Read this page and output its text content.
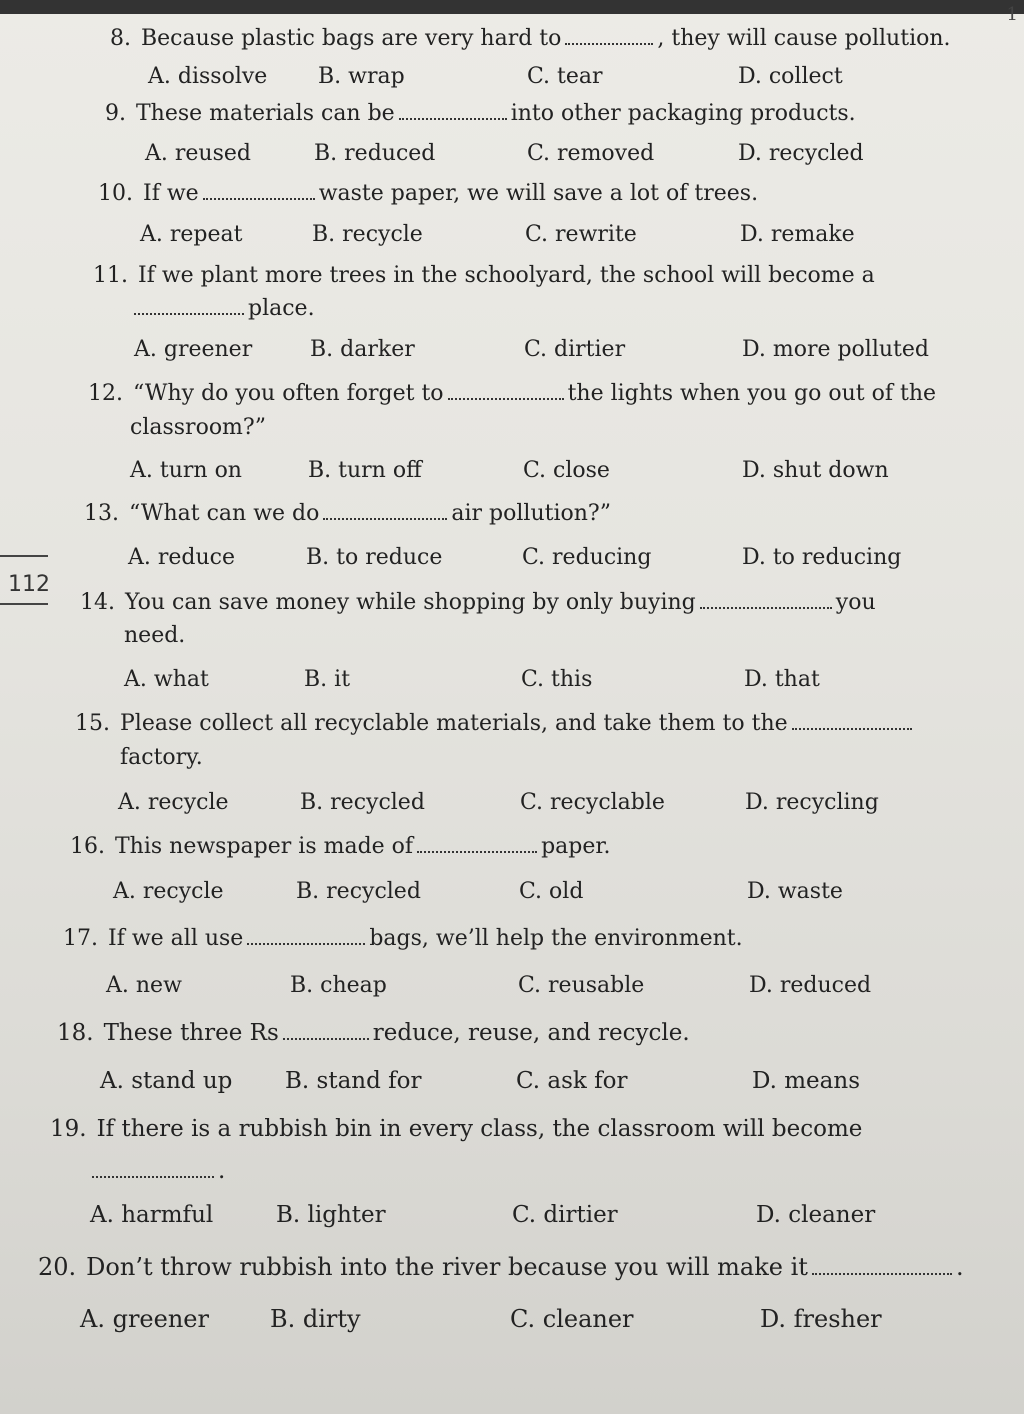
1
112
8. Because plastic bags are very hard to	, they will cause pollution.
A. dissolve B. wrap	C. tear	D. collect
9. These materials can be	into other packaging products.
A. reused	B. reduced	C. removed	D. recycled
10. If we	waste paper, we will save a lot of trees.
A. repeat	B. recycle	C. rewrite	D. remake
11. If we plant more trees in the schoolyard, the school will become a
place.
A. greener	B. darker	C. dirtier	D. more polluted
12. “Why do you often forget to	the lights when you go out of the
classroom?”
A. turn on	B. turn off	C. close	D. shut down
13. “What can we do	air pollution?”
A. reduce	B. to reduce	C. reducing	D. to reducing
14. You can save money while shopping by only buying	you
need.
A. what	B. it	C. this	D. that
15. Please collect all recyclable materials, and take them to the
factory.
A. recycle	B. recycled	C. recyclable	D. recycling
16. This newspaper is made of	paper.
A. recycle	B. recycled	C. old	D. waste
17. If we all use	bags, we’ll help the environment.
A. new	B. cheap	C. reusable	D. reduced
18. These three Rs	reduce, reuse, and recycle.
A. stand up B. stand for	C. ask for	D. means
19. If there is a rubbish bin in every class, the classroom will become
.
A. harmful	B. lighter	C. dirtier	D. cleaner
20. Don’t throw rubbish into the river because you will make it	.
A. greener	B. dirty	C. cleaner	D. fresher
